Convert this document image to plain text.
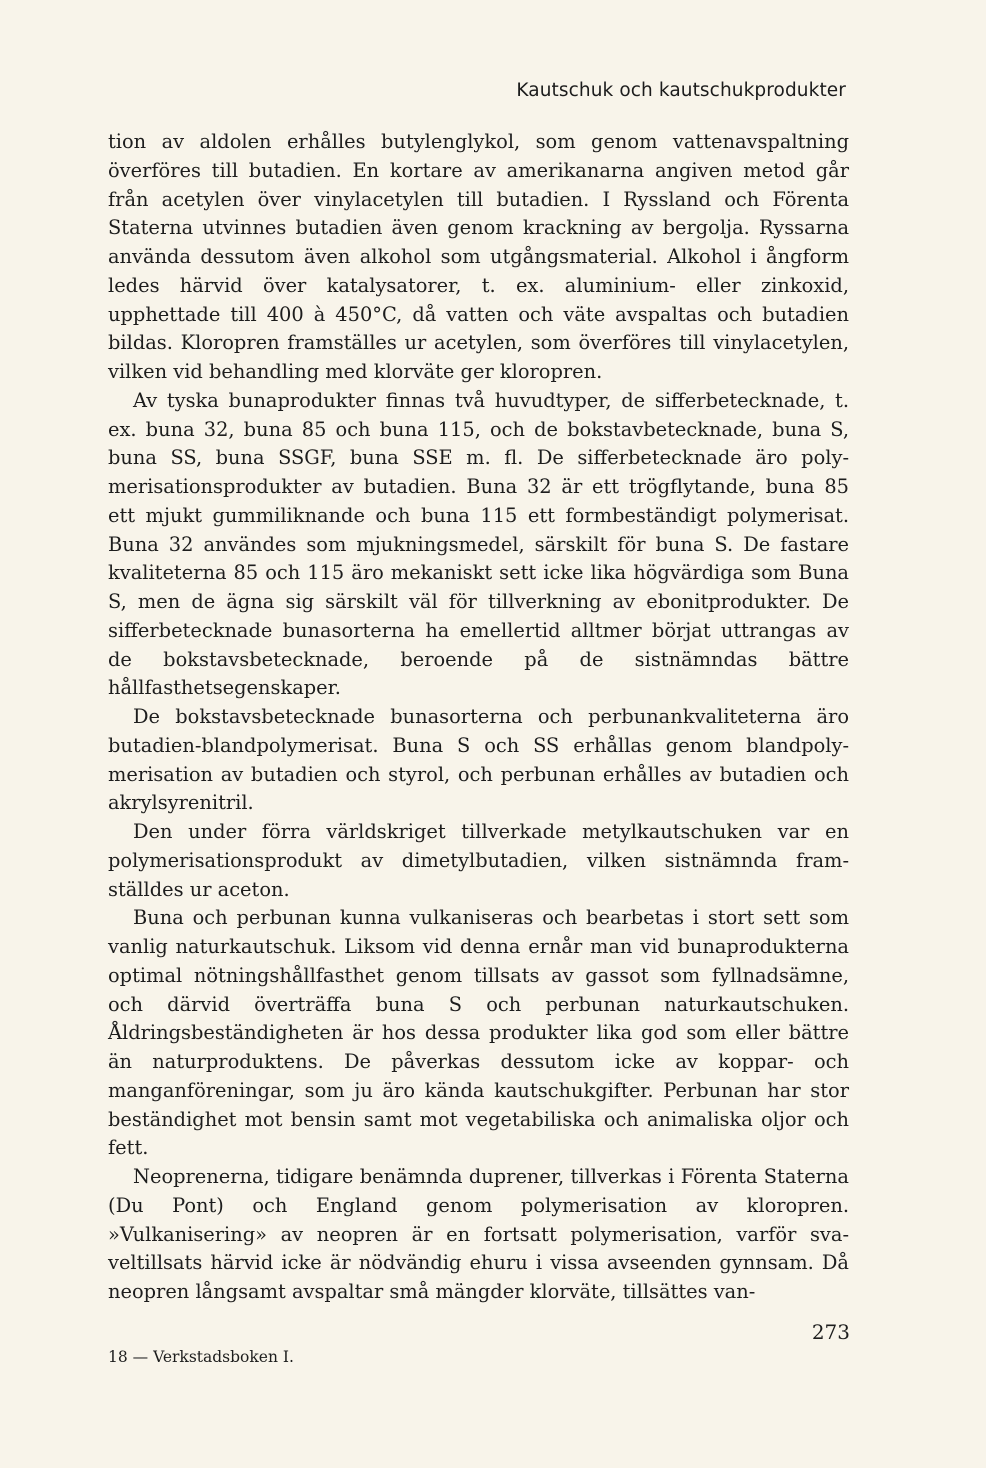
Kautschuk och kautschukprodukter

tion av aldolen erhålles butylenglykol, som genom vattenavspaltning överföres till butadien. En kortare av amerikanarna angiven metod går från acetylen över vinylacetylen till butadien. I Ryssland och Förenta Staterna utvinnes butadien även genom krackning av bergolja. Ryssarna använda dessutom även alkohol som utgångsmaterial. Alkohol i ångform ledes härvid över katalysatorer, t. ex. aluminium- eller zinkoxid, upphettade till 400 à 450°C, då vatten och väte avspaltas och butadien bildas. Kloropren framställes ur acetylen, som överföres till vinylacetylen, vilken vid behandling med klorväte ger kloropren.

Av tyska bunaprodukter finnas två huvudtyper, de sifferbetecknade, t. ex. buna 32, buna 85 och buna 115, och de bokstavbetecknade, buna S, buna SS, buna SSGF, buna SSE m. fl. De sifferbetecknade äro polymerisationsprodukter av butadien. Buna 32 är ett trögflytande, buna 85 ett mjukt gummiliknande och buna 115 ett formbeständigt polymerisat. Buna 32 användes som mjukningsmedel, särskilt för buna S. De fastare kvaliteterna 85 och 115 äro mekaniskt sett icke lika högvärdiga som Buna S, men de ägna sig särskilt väl för tillverkning av ebonitprodukter. De sifferbetecknade bunasorterna ha emellertid alltmer börjat uttrangas av de bokstavsbetecknade, beroende på de sistnämndas bättre hållfasthetsegenskaper.

De bokstavsbetecknade bunasorterna och perbunankvaliteterna äro butadien-blandpolymerisat. Buna S och SS erhållas genom blandpolymerisation av butadien och styrol, och perbunan erhålles av butadien och akrylsyrenitril.

Den under förra världskriget tillverkade metylkautschuken var en polymerisationsprodukt av dimetylbutadien, vilken sistnämnda framställdes ur aceton.

Buna och perbunan kunna vulkaniseras och bearbetas i stort sett som vanlig naturkautschuk. Liksom vid denna ernår man vid bunaprodukterna optimal nötningshållfasthet genom tillsats av gassot som fyllnadsämne, och därvid överträffa buna S och perbunan naturkautschuken. Åldringsbeständigheten är hos dessa produkter lika god som eller bättre än naturproduktens. De påverkas dessutom icke av koppar- och manganföreningar, som ju äro kända kautschukgifter. Perbunan har stor beständighet mot bensin samt mot vegetabiliska och animaliska oljor och fett.

Neoprenerna, tidigare benämnda duprener, tillverkas i Förenta Staterna (Du Pont) och England genom polymerisation av kloropren. »Vulkanisering» av neopren är en fortsatt polymerisation, varför svaveltillsats härvid icke är nödvändig ehuru i vissa avseenden gynnsam. Då neopren långsamt avspaltar små mängder klorväte, tillsättes van-

273
18 — Verkstadsboken I.
